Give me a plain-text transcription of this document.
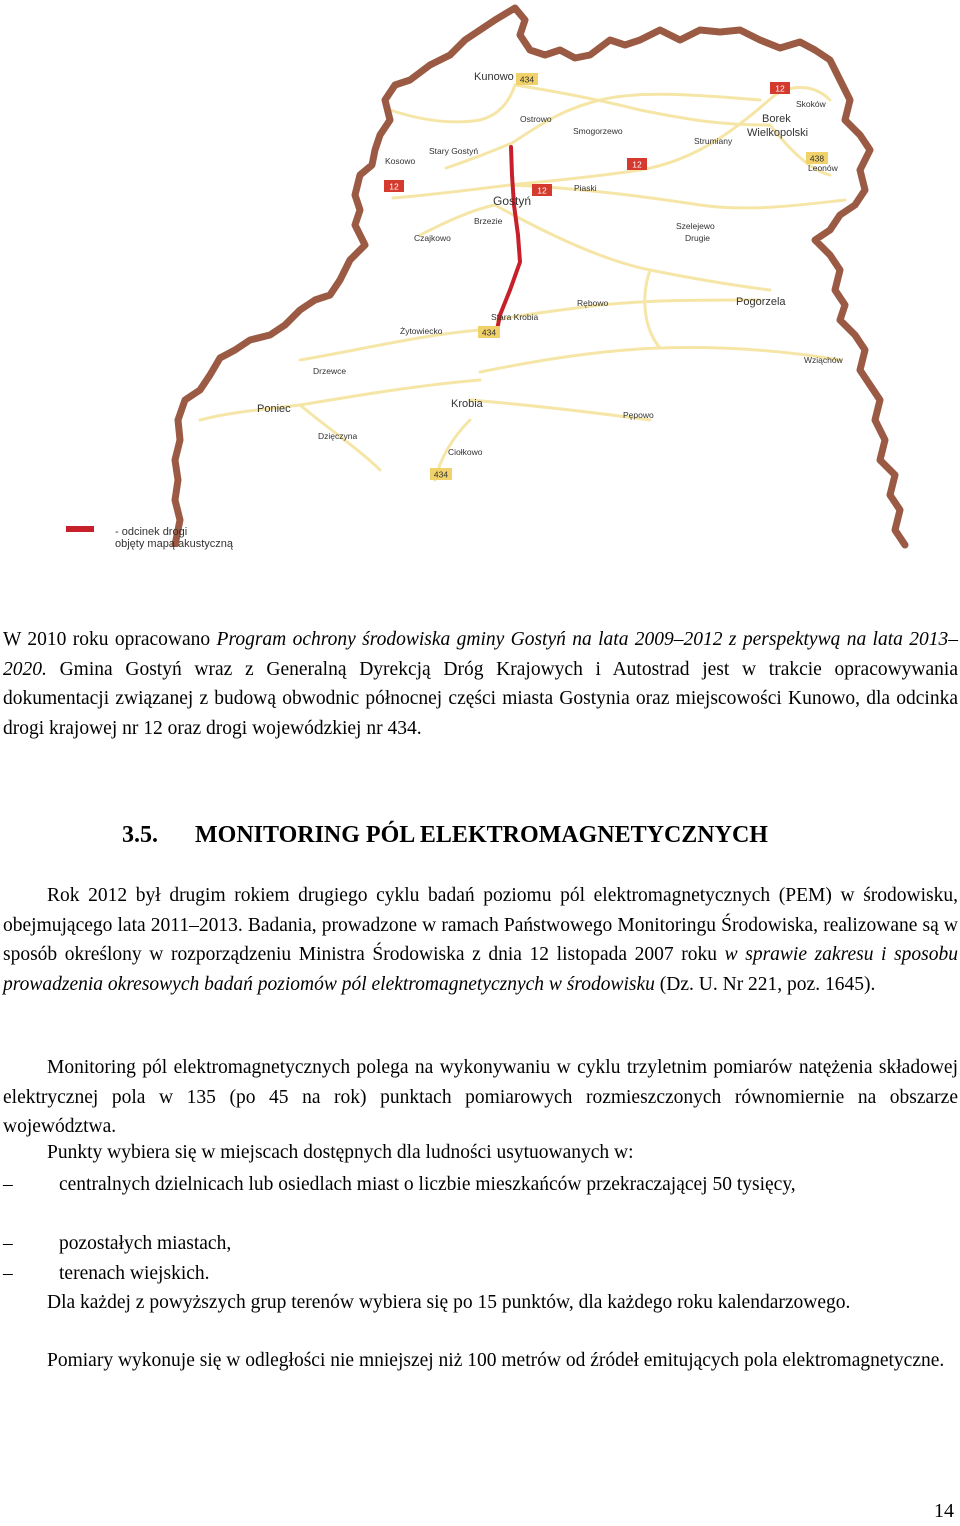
434
12
438
12	12
12
434
434
Kunowo
Ostrowo
Smogorzewo
Strumiany
Skoków
Borek
Wielkopolski
Leonów
Kosowo
Stary Gostyń
Piaski
Gostyń
Brzezie
Czajkowo
Szelejewo
Drugie
Rębowo	Pogorzela
Stara Krobia
Żytowiecko
Drzewce
Wziąchów
Poniec	Krobia
Pępowo
Dzięczyna
Ciołkowo
- odcinek drogi
objęty mapą akustyczną

W 2010 roku opracowano Program ochrony środowiska gminy Gostyń na lata 2009–2012 z perspektywą na lata 2013–2020. Gmina Gostyń wraz z Generalną Dyrekcją Dróg Krajowych i Autostrad jest w trakcie opracowywania dokumentacji związanej z budową obwodnic północnej części miasta Gostynia oraz miejscowości Kunowo, dla odcinka drogi krajowej nr 12 oraz drogi wojewódzkiej nr 434.

3.5. MONITORING PÓL ELEKTROMAGNETYCZNYCH

Rok 2012 był drugim rokiem drugiego cyklu badań poziomu pól elektromagnetycznych (PEM) w środowisku, obejmującego lata 2011–2013. Badania, prowadzone w ramach Państwowego Monitoringu Środowiska, realizowane są w sposób określony w rozporządzeniu Ministra Środowiska z dnia 12 listopada 2007 roku w sprawie zakresu i sposobu prowadzenia okresowych badań poziomów pól elektromagnetycznych w środowisku (Dz. U. Nr 221, poz. 1645).

Monitoring pól elektromagnetycznych polega na wykonywaniu w cyklu trzyletnim pomiarów natężenia składowej elektrycznej pola w 135 (po 45 na rok) punktach pomiarowych rozmieszczonych równomiernie na obszarze województwa.

Punkty wybiera się w miejscach dostępnych dla ludności usytuowanych w:

–	centralnych dzielnicach lub osiedlach miast o liczbie mieszkańców przekraczającej 50 tysięcy,
–	pozostałych miastach,
–	terenach wiejskich.

Dla każdej z powyższych grup terenów wybiera się po 15 punktów, dla każdego roku kalendarzowego.

Pomiary wykonuje się w odległości nie mniejszej niż 100 metrów od źródeł emitujących pola elektromagnetyczne.

14
